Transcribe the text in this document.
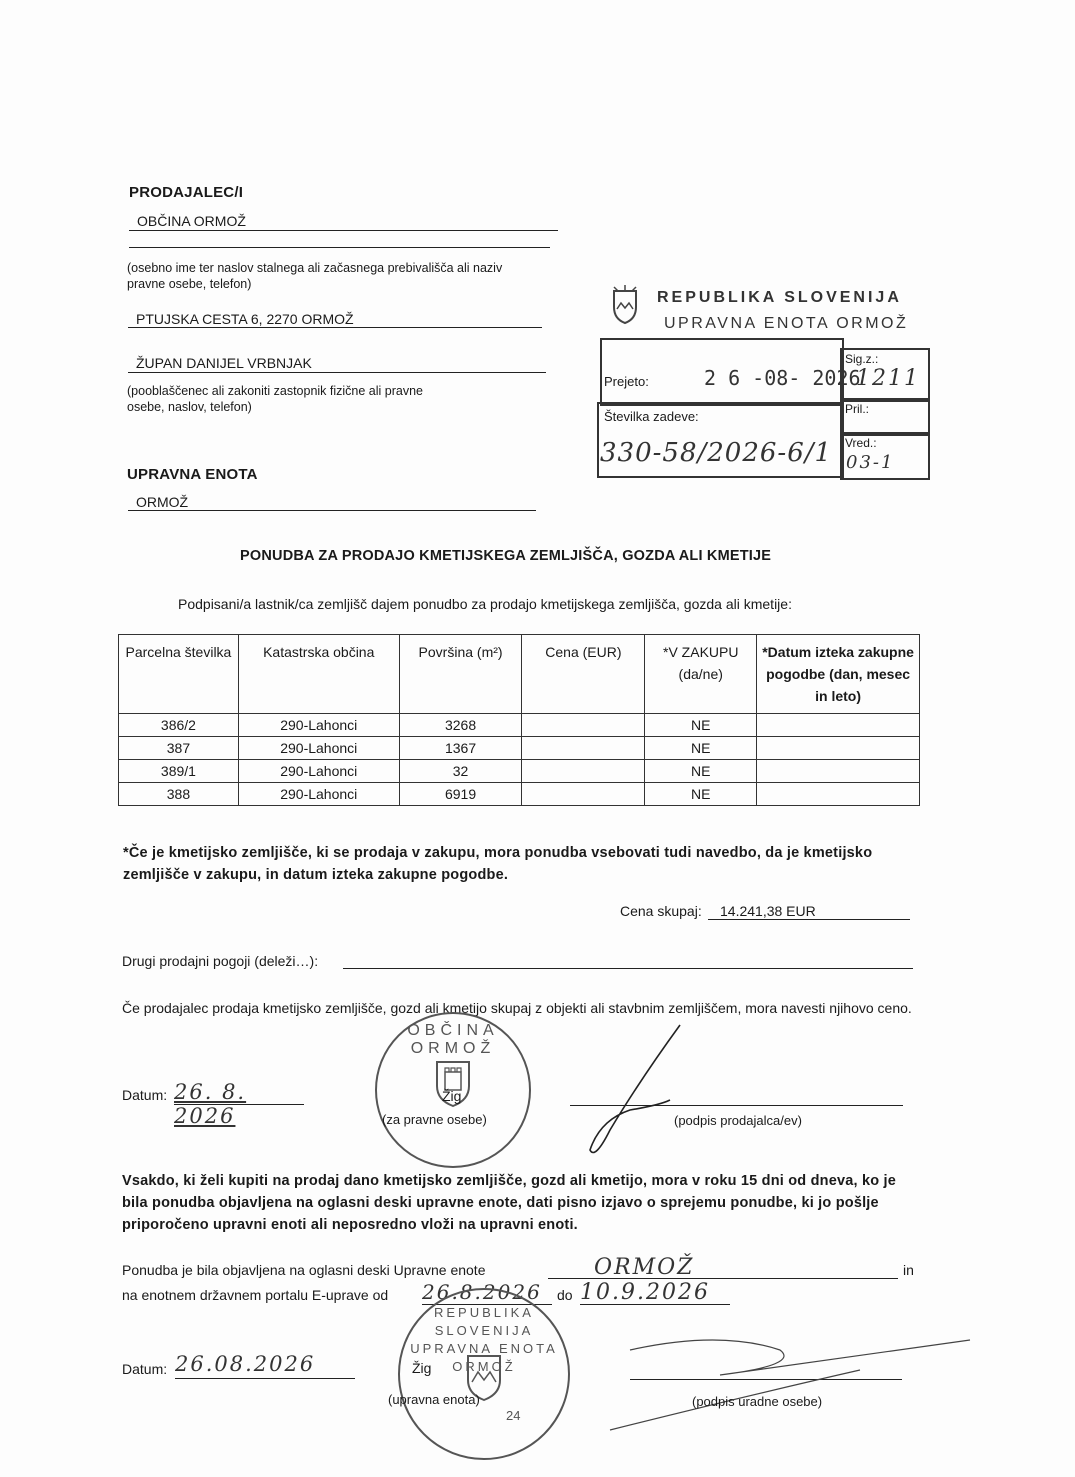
PRODAJALEC/I
OBČINA ORMOŽ
(osebno ime ter naslov stalnega ali začasnega prebivališča ali naziv pravne osebe, telefon)
PTUJSKA CESTA 6, 2270 ORMOŽ
ŽUPAN DANIJEL VRBNJAK
(pooblaščenec ali zakoniti zastopnik fizične ali pravne osebe, naslov, telefon)
UPRAVNA ENOTA
ORMOŽ
REPUBLIKA SLOVENIJA
UPRAVNA ENOTA ORMOŽ
Prejeto:	2 6 -08- 2026
Sig.z.:
1211
Pril.:
Številka zadeve:
330-58/2026-6/1 Vred.:
03-1
PONUDBA ZA PRODAJO KMETIJSKEGA ZEMLJIŠČA, GOZDA ALI KMETIJE
Podpisani/a lastnik/ca zemljišč dajem ponudbo za prodajo kmetijskega zemljišča, gozda ali kmetije:
Parcelna številka	Katastrska občina	Površina (m²)	Cena (EUR)	*V ZAKUPU (da/ne)	*Datum izteka zakupne pogodbe (dan, mesec in leto)
386/2	290-Lahonci	3268		NE	
387	290-Lahonci	1367		NE	
389/1	290-Lahonci	32		NE	
388	290-Lahonci	6919		NE	
*Če je kmetijsko zemljišče, ki se prodaja v zakupu, mora ponudba vsebovati tudi navedbo, da je kmetijsko zemljišče v zakupu, in datum izteka zakupne pogodbe.
Cena skupaj:	14.241,38 EUR
Drugi prodajni pogoji (deleži…):
Če prodajalec prodaja kmetijsko zemljišče, gozd ali kmetijo skupaj z objekti ali stavbnim zemljiščem, mora navesti njihovo ceno.
Datum: 26. 8. 2026
OBČINA ORMOŽ
Žig
(za pravne osebe)	(podpis prodajalca/ev)
Vsakdo, ki želi kupiti na prodaj dano kmetijsko zemljišče, gozd ali kmetijo, mora v roku 15 dni od dneva, ko je bila ponudba objavljena na oglasni deski upravne enote, dati pisno izjavo o sprejemu ponudbe, ki jo pošlje priporočeno upravni enoti ali neposredno vloži na upravni enoti.
Ponudba je bila objavljena na oglasni deski Upravne enote	ORMOŽ	in
na enotnem državnem portalu E-uprave od 26.8.2026	do 10.9.2026
Datum: 26.08.2026
REPUBLIKA SLOVENIJA UPRAVNA ENOTA ORMOŽ
24
Žig
(upravna enota)	(podpis uradne osebe)
